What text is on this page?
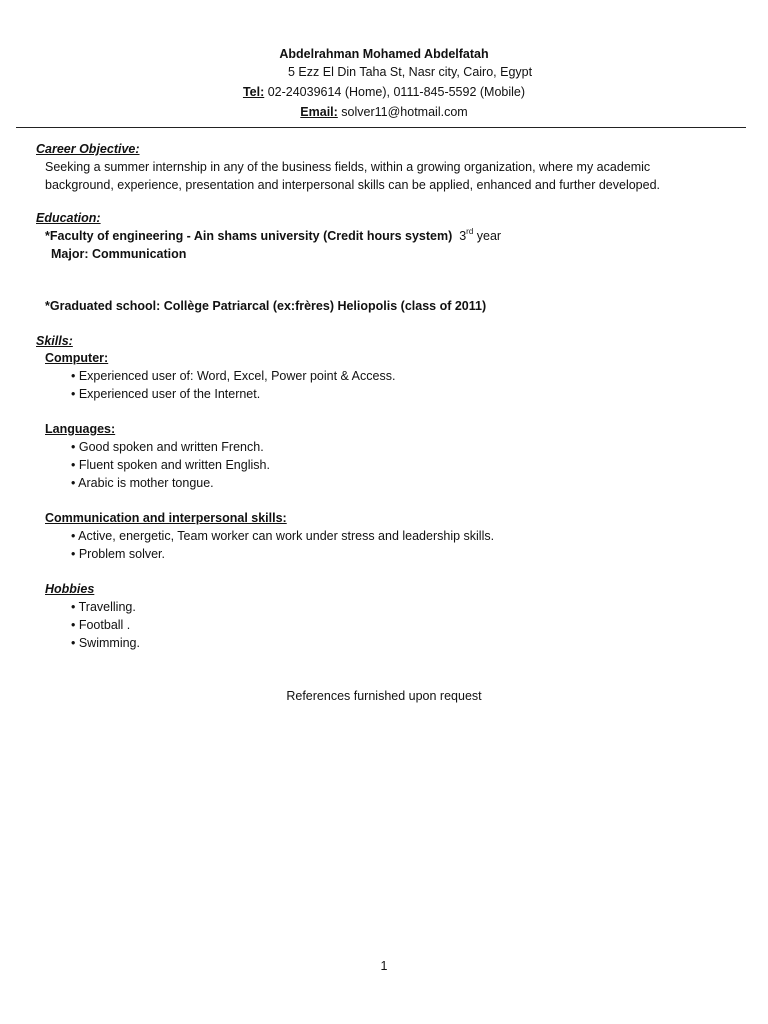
Abdelrahman Mohamed Abdelfatah
5 Ezz El Din Taha St, Nasr city, Cairo, Egypt
Tel: 02-24039614 (Home), 0111-845-5592 (Mobile)
Email: solver11@hotmail.com
Career Objective:
Seeking a summer internship in any of the business fields, within a growing organization, where my academic
background, experience, presentation and interpersonal skills can be applied, enhanced and further developed.
Education:
*Faculty of engineering - Ain shams university (Credit hours system) 3rd year
Major: Communication
*Graduated school: Collège Patriarcal (ex:frères) Heliopolis (class of 2011)
Skills:
Computer:
• Experienced user of: Word, Excel, Power point & Access.
• Experienced user of the Internet.
Languages:
• Good spoken and written French.
• Fluent spoken and written English.
• Arabic is mother tongue.
Communication and interpersonal skills:
• Active, energetic, Team worker can work under stress and leadership skills.
• Problem solver.
Hobbies
• Travelling.
• Football .
• Swimming.
References furnished upon request
1
